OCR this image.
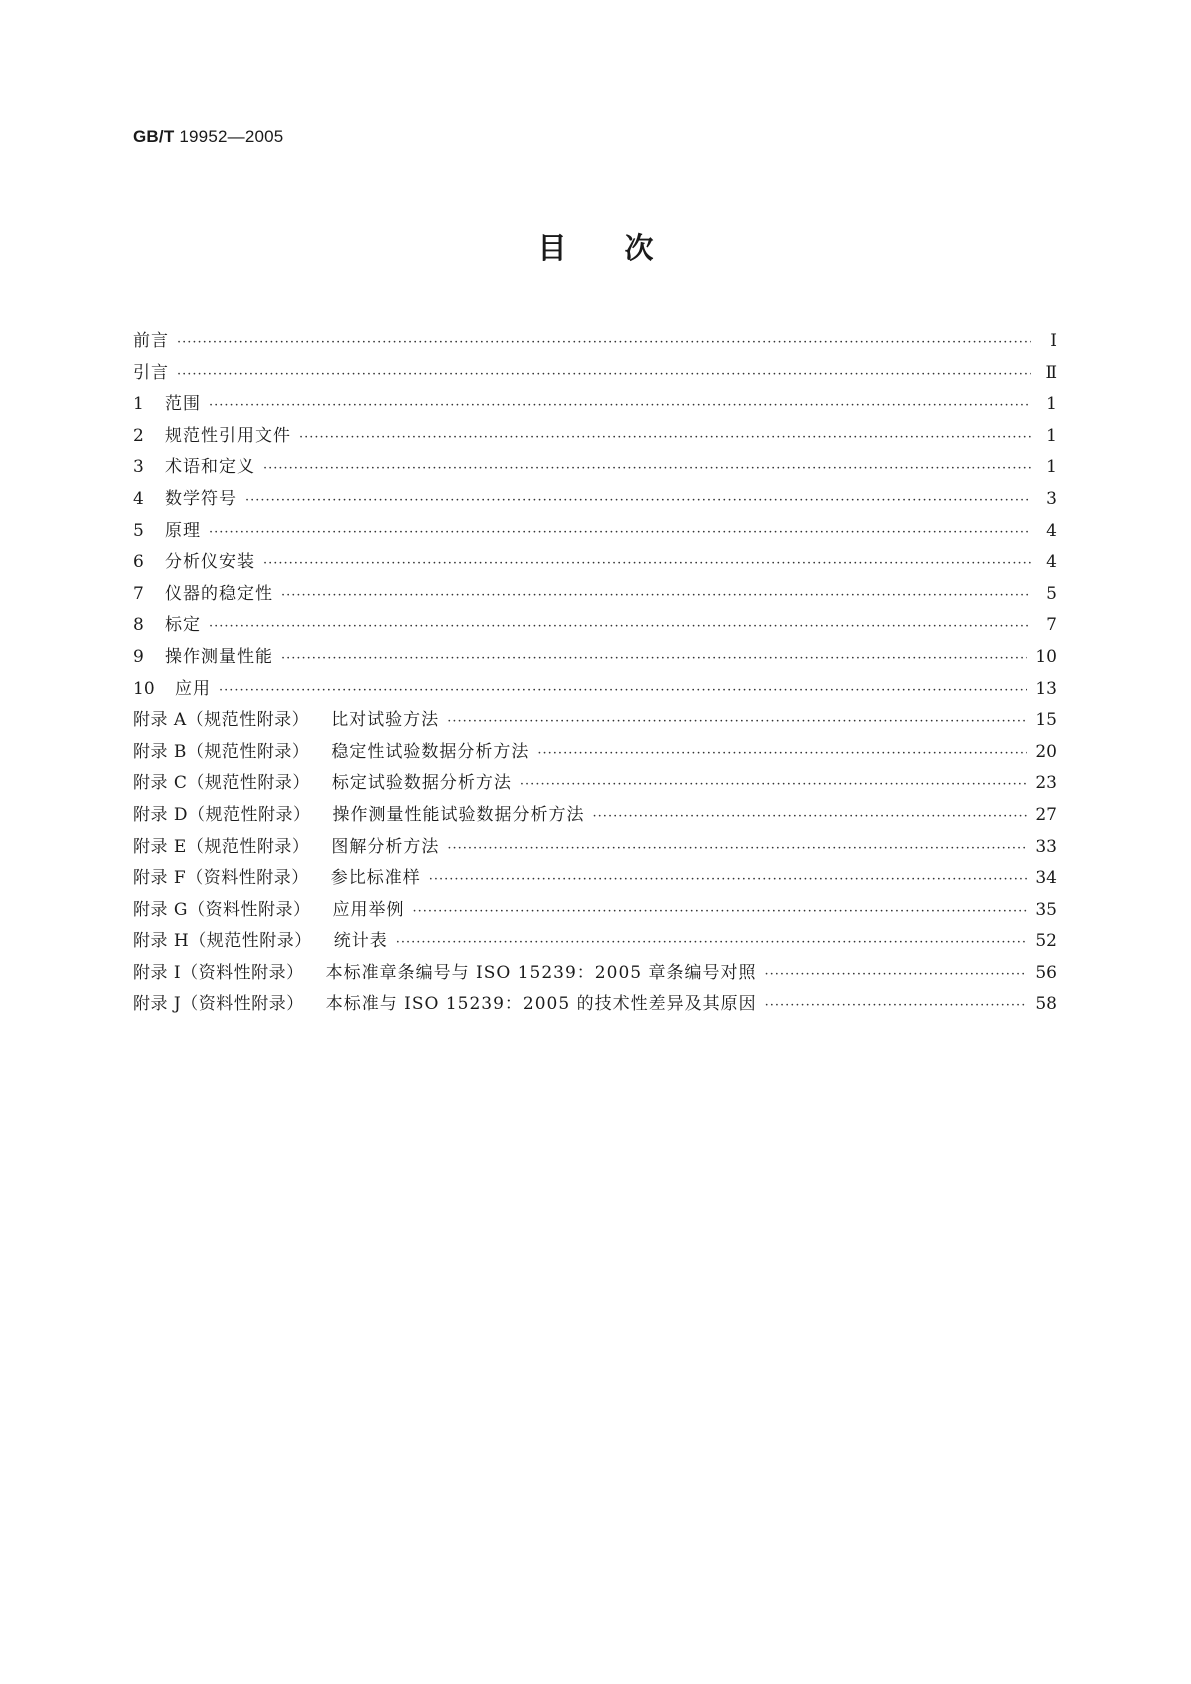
GB/T 19952—2005
目 次
前言 ·····	Ⅰ
引言 ·····	Ⅱ
1	范围 ·····	1
2	规范性引用文件 ·····	1
3	术语和定义 ·····	1
4	数学符号 ·····	3
5	原理 ·····	4
6	分析仪安装 ·····	4
7	仪器的稳定性 ·····	5
8	标定 ·····	7
9	操作测量性能 ·····	10
10	应用 ·····	13
附录 A（规范性附录） 比对试验方法 ·····	15
附录 B（规范性附录） 稳定性试验数据分析方法 ·····	20
附录 C（规范性附录） 标定试验数据分析方法 ·····	23
附录 D（规范性附录） 操作测量性能试验数据分析方法 ·····	27
附录 E（规范性附录） 图解分析方法 ·····	33
附录 F（资料性附录） 参比标准样 ·····	34
附录 G（资料性附录） 应用举例 ·····	35
附录 H（规范性附录） 统计表 ·····	52
附录 I（资料性附录） 本标准章条编号与 ISO 15239：2005 章条编号对照 ·····	56
附录 J（资料性附录） 本标准与 ISO 15239：2005 的技术性差异及其原因 ·····	58
